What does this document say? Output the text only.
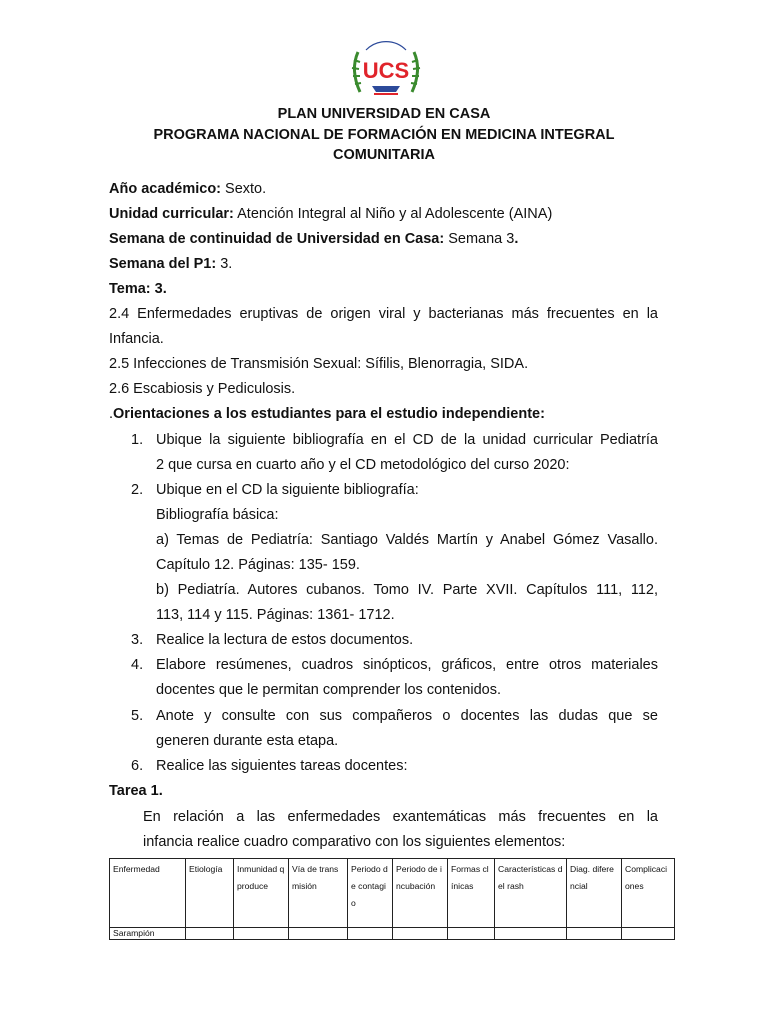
UCS
PLAN UNIVERSIDAD EN CASA
PROGRAMA NACIONAL DE FORMACIÓN EN MEDICINA INTEGRAL
COMUNITARIA
Año académico: Sexto.
Unidad curricular: Atención Integral al Niño y al Adolescente (AINA)
Semana de continuidad de Universidad en Casa: Semana 3.
Semana del P1: 3.
Tema: 3.
2.4 Enfermedades eruptivas de origen viral y bacterianas más frecuentes en la
Infancia.
2.5 Infecciones de Transmisión Sexual: Sífilis, Blenorragia, SIDA.
2.6 Escabiosis y Pediculosis.
.Orientaciones a los estudiantes para el estudio independiente:
1. Ubique la siguiente bibliografía en el CD de la unidad curricular Pediatría
2 que cursa en cuarto año y el CD metodológico del curso 2020:
2. Ubique en el CD la siguiente bibliografía:
Bibliografía básica:
a) Temas de Pediatría: Santiago Valdés Martín y Anabel Gómez Vasallo.
Capítulo 12. Páginas: 135- 159.
b) Pediatría. Autores cubanos. Tomo IV. Parte XVII. Capítulos 111, 112,
113, 114 y 115. Páginas: 1361- 1712.
3. Realice la lectura de estos documentos.
4. Elabore resúmenes, cuadros sinópticos, gráficos, entre otros materiales
docentes que le permitan comprender los contenidos.
5. Anote y consulte con sus compañeros o docentes las dudas que se
generen durante esta etapa.
6. Realice las siguientes tareas docentes:
Tarea 1.
En relación a las enfermedades exantemáticas más frecuentes en la
infancia realice cuadro comparativo con los siguientes elementos:
Enfermedad	Etiología	Inmunidad q produce	Vía de transmisión	Periodo de contagio	Periodo de incubación	Formas clínicas	Características del rash	Diag. diferencial	Complicaciones
Sarampión									
